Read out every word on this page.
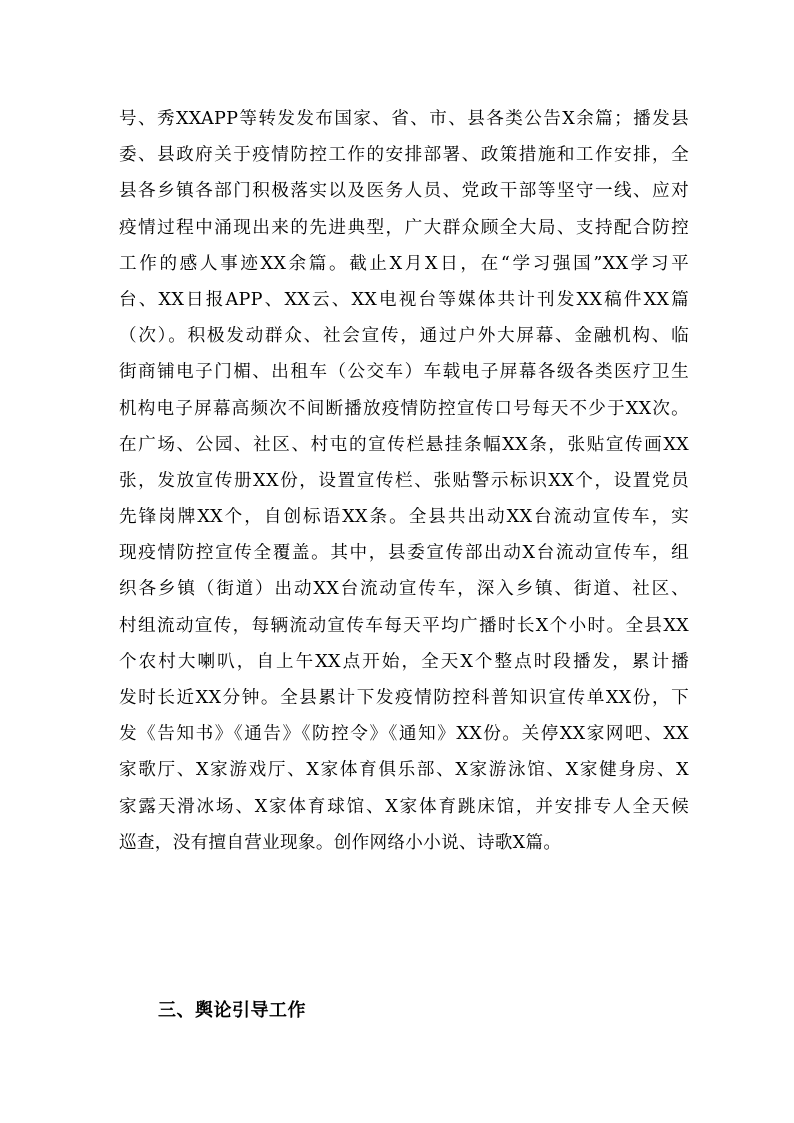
号、秀XXAPP等转发发布国家、省、市、县各类公告X余篇；播发县
委、县政府关于疫情防控工作的安排部署、政策措施和工作安排，全
县各乡镇各部门积极落实以及医务人员、党政干部等坚守一线、应对
疫情过程中涌现出来的先进典型，广大群众顾全大局、支持配合防控
工作的感人事迹XX余篇。截止X月X日，在“学习强国”XX学习平
台、XX日报APP、XX云、XX电视台等媒体共计刊发XX稿件XX篇
（次）。积极发动群众、社会宣传，通过户外大屏幕、金融机构、临
街商铺电子门楣、出租车（公交车）车载电子屏幕各级各类医疗卫生
机构电子屏幕高频次不间断播放疫情防控宣传口号每天不少于XX次。
在广场、公园、社区、村屯的宣传栏悬挂条幅XX条，张贴宣传画XX
张，发放宣传册XX份，设置宣传栏、张贴警示标识XX个，设置党员
先锋岗牌XX个，自创标语XX条。全县共出动XX台流动宣传车，实
现疫情防控宣传全覆盖。其中，县委宣传部出动X台流动宣传车，组
织各乡镇（街道）出动XX台流动宣传车，深入乡镇、街道、社区、
村组流动宣传，每辆流动宣传车每天平均广播时长X个小时。全县XX
个农村大喇叭，自上午XX点开始，全天X个整点时段播发，累计播
发时长近XX分钟。全县累计下发疫情防控科普知识宣传单XX份，下
发《告知书》《通告》《防控令》《通知》XX份。关停XX家网吧、XX
家歌厅、X家游戏厅、X家体育俱乐部、X家游泳馆、X家健身房、X
家露天滑冰场、X家体育球馆、X家体育跳床馆，并安排专人全天候
巡查，没有擅自营业现象。创作网络小小说、诗歌X篇。
三、舆论引导工作
